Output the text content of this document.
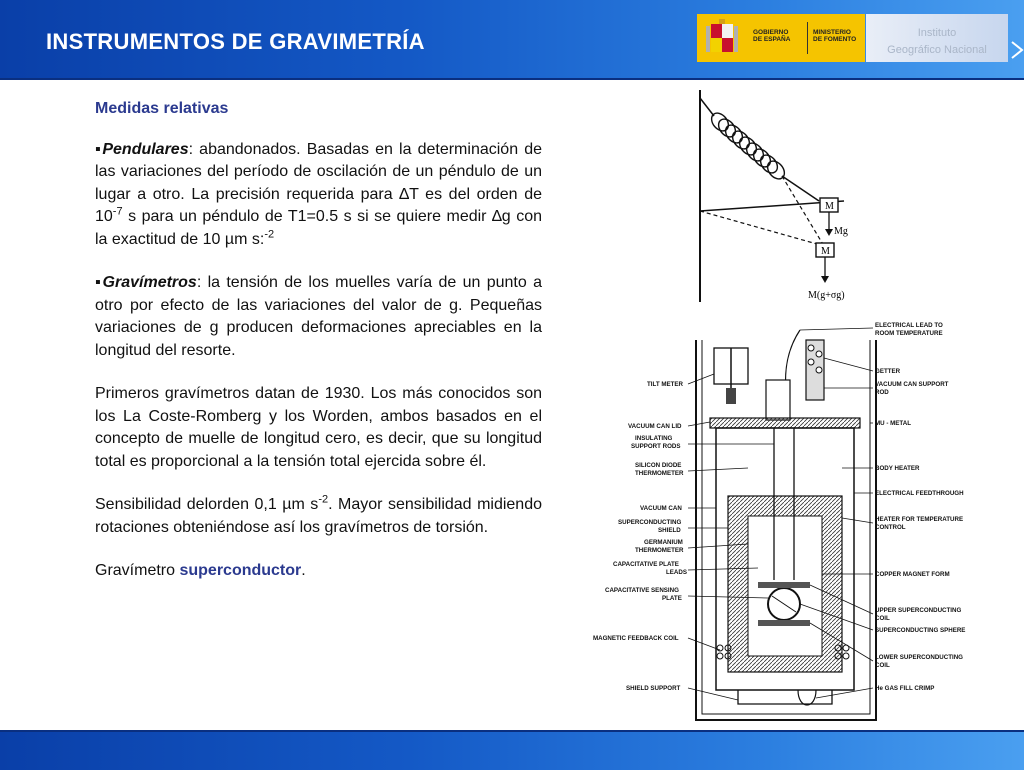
INSTRUMENTOS DE GRAVIMETRÍA	GOBIERNO
DE ESPAÑA
MINISTERIO
DE FOMENTO
Instituto
Geográfico Nacional
Medidas relativas

▪Pendulares: abandonados. Basadas en la determinación de las variaciones del período de oscilación de un péndulo de un lugar a otro. La precisión requerida para ∆T es del orden de $10^{-7}$ s para un péndulo de T1=0.5 s si se quiere medir ∆g con la exactitud de 10 µm s:$^{-2}$

▪Gravímetros: la tensión de los muelles varía de un punto a otro por efecto de las variaciones del valor de g. Pequeñas variaciones de g producen deformaciones apreciables en la longitud del resorte.

Primeros gravímetros datan de 1930. Los más conocidos son los La Coste-Romberg y los Worden, ambos basados en el concepto de muelle de longitud cero, es decir, que su longitud total es proporcional a la tensión total ejercida sobre él.

Sensibilidad delorden 0,1 µm $s^{-2}$. Mayor sensibilidad midiendo rotaciones obteniéndose así los gravímetros de torsión.

Gravímetro superconductor.

M
Mg
M
M(g+σg)
ELECTRICAL LEAD TO
ROOM TEMPERATURE
GETTER
VACUUM CAN SUPPORT
ROD
MU - METAL
BODY HEATER
ELECTRICAL FEEDTHROUGH
HEATER FOR TEMPERATURE
CONTROL
COPPER MAGNET FORM
UPPER SUPERCONDUCTING
COIL
SUPERCONDUCTING SPHERE
LOWER SUPERCONDUCTING
COIL
He GAS FILL CRIMP
TILT METER
VACUUM CAN LID
INSULATING
SUPPORT RODS
SILICON DIODE
THERMOMETER
VACUUM CAN
SUPERCONDUCTING
SHIELD
GERMANIUM
THERMOMETER
CAPACITATIVE PLATE
LEADS
CAPACITATIVE SENSING
PLATE
MAGNETIC FEEDBACK COIL
SHIELD SUPPORT
